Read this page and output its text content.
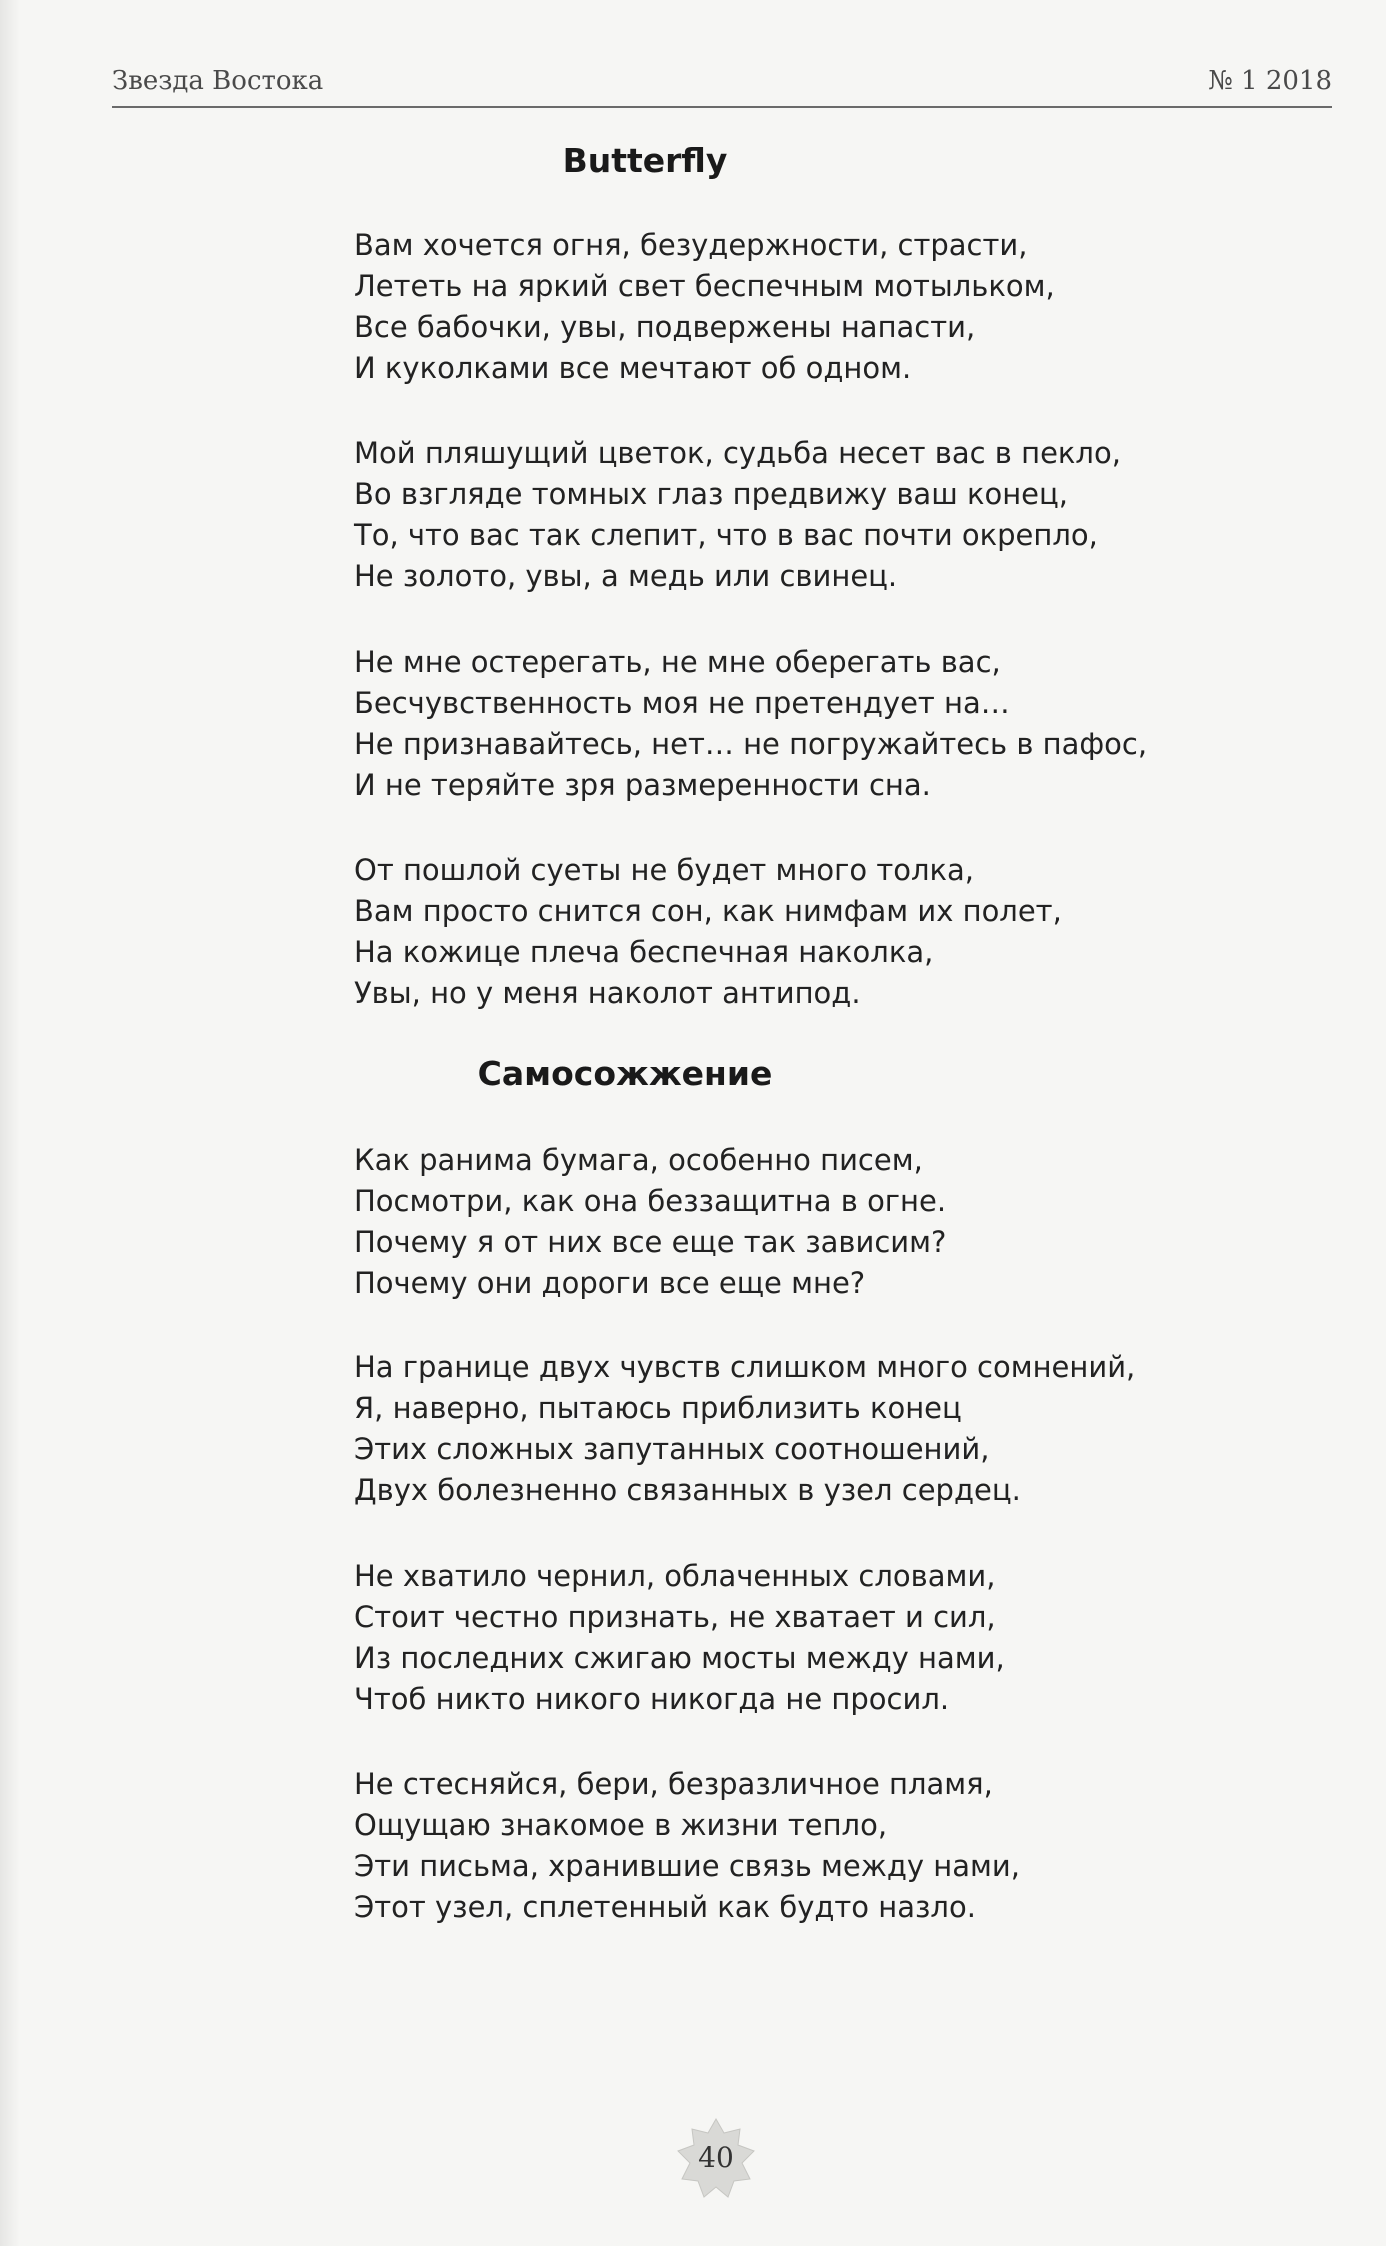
Звезда Востока	№ 1 2018
Butterfly
Вам хочется огня, безудержности, страсти,
Лететь на яркий свет беспечным мотыльком,
Все бабочки, увы, подвержены напасти,
И куколками все мечтают об одном.
Мой пляшущий цветок, судьба несет вас в пекло,
Во взгляде томных глаз предвижу ваш конец,
То, что вас так слепит, что в вас почти окрепло,
Не золото, увы, а медь или свинец.
Не мне остерегать, не мне оберегать вас,
Бесчувственность моя не претендует на…
Не признавайтесь, нет… не погружайтесь в пафос,
И не теряйте зря размеренности сна.
От пошлой суеты не будет много толка,
Вам просто снится сон, как нимфам их полет,
На кожице плеча беспечная наколка,
Увы, но у меня наколот антипод.
Самосожжение
Как ранима бумага, особенно писем,
Посмотри, как она беззащитна в огне.
Почему я от них все еще так зависим?
Почему они дороги все еще мне?
На границе двух чувств слишком много сомнений,
Я, наверно, пытаюсь приблизить конец
Этих сложных запутанных соотношений,
Двух болезненно связанных в узел сердец.
Не хватило чернил, облаченных словами,
Стоит честно признать, не хватает и сил,
Из последних сжигаю мосты между нами,
Чтоб никто никого никогда не просил.
Не стесняйся, бери, безразличное пламя,
Ощущаю знакомое в жизни тепло,
Эти письма, хранившие связь между нами,
Этот узел, сплетенный как будто назло.
40
